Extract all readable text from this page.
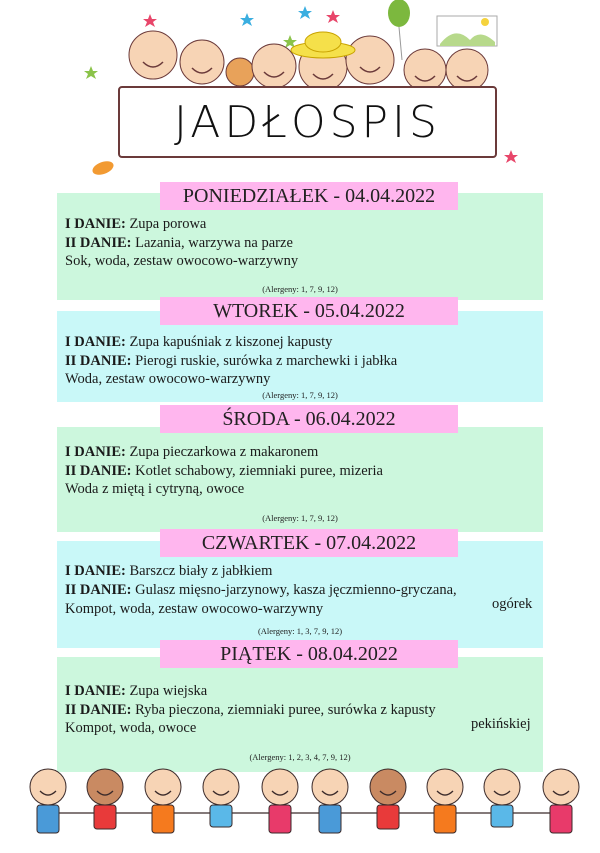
JADŁOSPIS
PONIEDZIAŁEK - 04.04.2022
I DANIE: Zupa porowa
II DANIE: Lazania, warzywa na parze
Sok, woda, zestaw owocowo-warzywny
(Alergeny: 1, 7, 9, 12)
WTOREK - 05.04.2022
I DANIE: Zupa kapuśniak z kiszonej kapusty
II DANIE: Pierogi ruskie, surówka z marchewki i jabłka
Woda, zestaw owocowo-warzywny
(Alergeny: 1, 7, 9, 12)
ŚRODA - 06.04.2022
I DANIE: Zupa pieczarkowa z makaronem
II DANIE: Kotlet schabowy, ziemniaki puree, mizeria
Woda z miętą i cytryną, owoce
(Alergeny: 1, 7, 9, 12)
CZWARTEK - 07.04.2022
I DANIE: Barszcz biały z jabłkiem
II DANIE: Gulasz mięsno-jarzynowy, kasza jęczmienno-gryczana,
Kompot, woda, zestaw owocowo-warzywny	ogórek
(Alergeny: 1, 3, 7, 9, 12)
PIĄTEK - 08.04.2022
I DANIE: Zupa wiejska
II DANIE: Ryba pieczona, ziemniaki puree, surówka z kapusty
Kompot, woda, owoce	pekińskiej
(Alergeny: 1, 2, 3, 4, 7, 9, 12)
